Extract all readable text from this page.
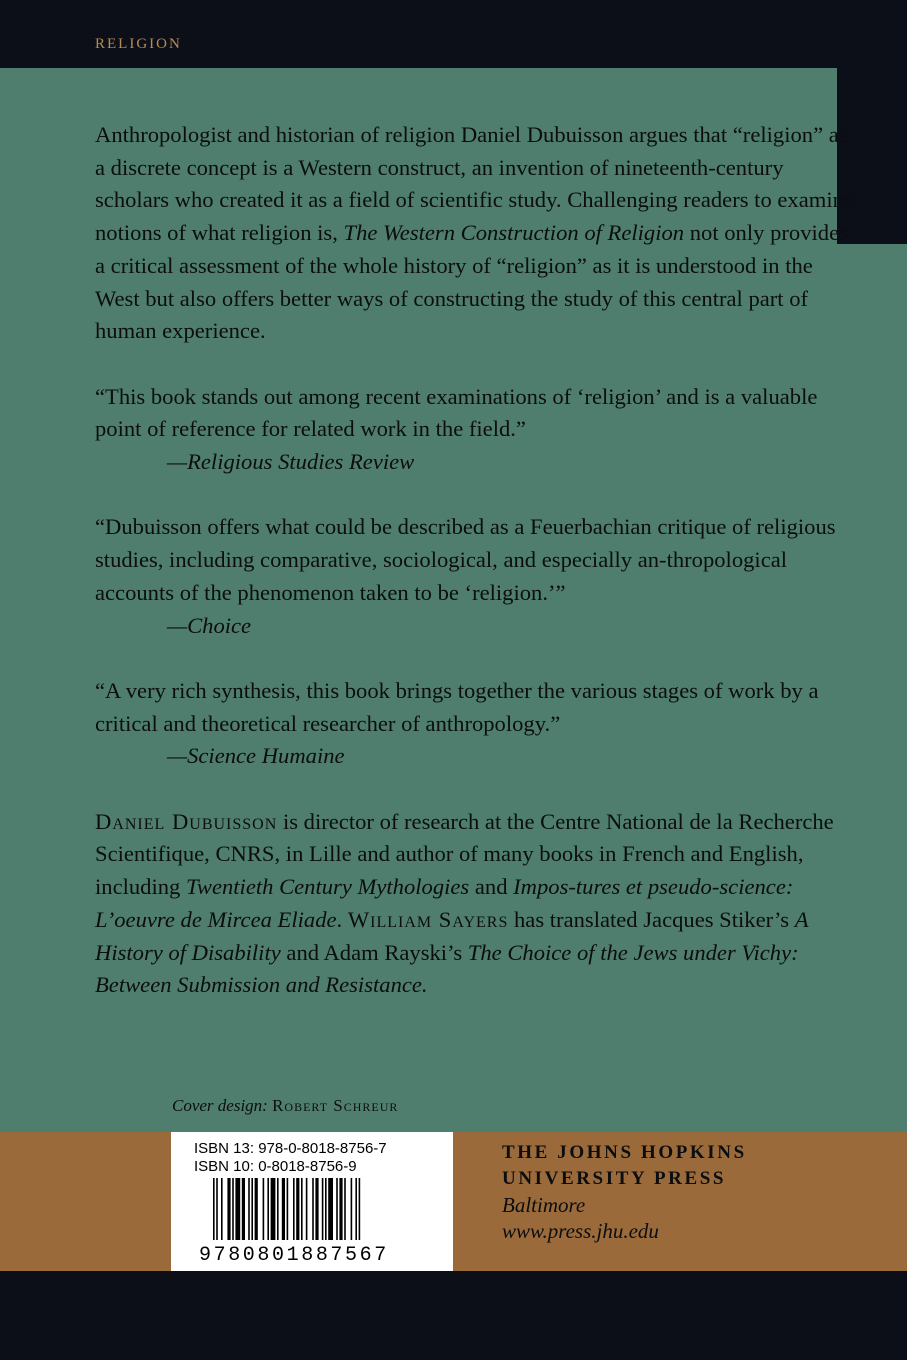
RELIGION

Anthropologist and historian of religion Daniel Dubuisson argues that “religion” as a discrete concept is a Western construct, an invention of nineteenth-century scholars who created it as a field of scientific study. Challenging readers to examine notions of what religion is, The Western Construction of Religion not only provides a critical assessment of the whole history of “religion” as it is understood in the West but also offers better ways of constructing the study of this central part of human experience.

“This book stands out among recent examinations of ‘religion’ and is a valuable point of reference for related work in the field.”

—Religious Studies Review

“Dubuisson offers what could be described as a Feuerbachian critique of religious studies, including comparative, sociological, and especially an-thropological accounts of the phenomenon taken to be ‘religion.’”

—Choice

“A very rich synthesis, this book brings together the various stages of work by a critical and theoretical researcher of anthropology.”

—Science Humaine

Daniel Dubuisson is director of research at the Centre National de la Recherche Scientifique, CNRS, in Lille and author of many books in French and English, including Twentieth Century Mythologies and Impos-tures et pseudo-science: L’oeuvre de Mircea Eliade. William Sayers has translated Jacques Stiker’s A History of Disability and Adam Rayski’s The Choice of the Jews under Vichy: Between Submission and Resistance.

Cover design: Robert Schreur
ISBN 13: 978-0-8018-8756-7
ISBN 10: 0-8018-8756-9
9780801887567
THE JOHNS HOPKINS
UNIVERSITY PRESS
Baltimore
www.press.jhu.edu
